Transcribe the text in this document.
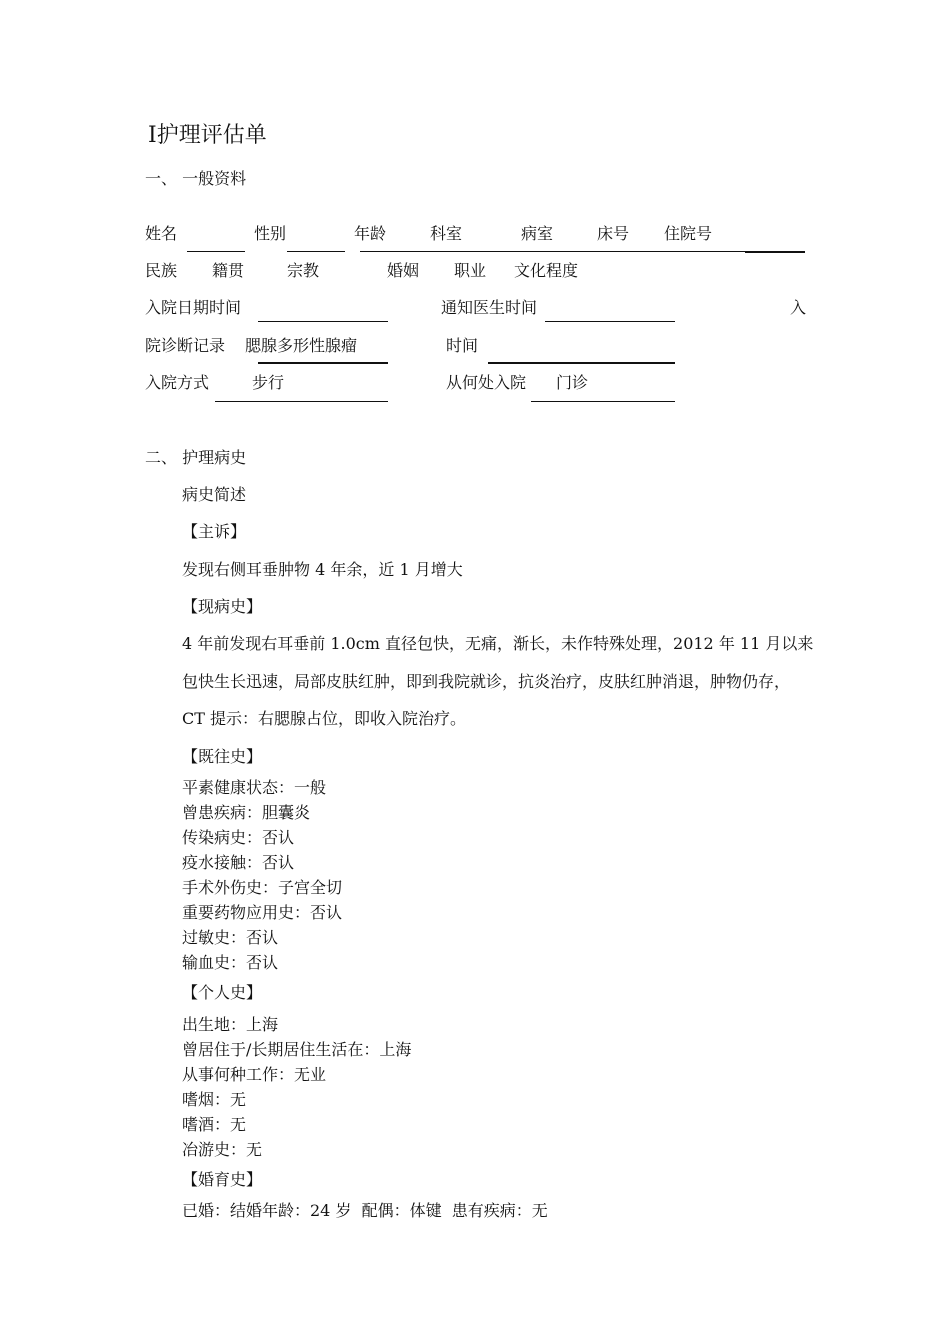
Ⅰ护理评估单
一、 一般资料
姓名	性别	年龄	科室	病室	床号 住院号
民族 籍贯	宗教	婚姻 职业 文化程度
入院日期时间	通知医生时间	入
院诊断记录 腮腺多形性腺瘤	时间
入院方式	步行	从何处入院 门诊
二、 护理病史
病史简述
【主诉】
发现右侧耳垂肿物 4 年余，近 1 月增大
【现病史】
4 年前发现右耳垂前 1.0cm 直径包快，无痛，渐长，未作特殊处理，2012 年 11 月以来
包快生长迅速，局部皮肤红肿，即到我院就诊，抗炎治疗，皮肤红肿消退，肿物仍存，
CT 提示：右腮腺占位，即收入院治疗。
【既往史】
平素健康状态：一般
曾患疾病：胆囊炎
传染病史：否认
疫水接触：否认
手术外伤史：子宫全切
重要药物应用史：否认
过敏史：否认
输血史：否认
【个人史】
出生地：上海
曾居住于/长期居住生活在：上海
从事何种工作：无业
嗜烟：无
嗜酒：无
冶游史：无
【婚育史】
已婚：结婚年龄：24 岁  配偶：体键  患有疾病：无
